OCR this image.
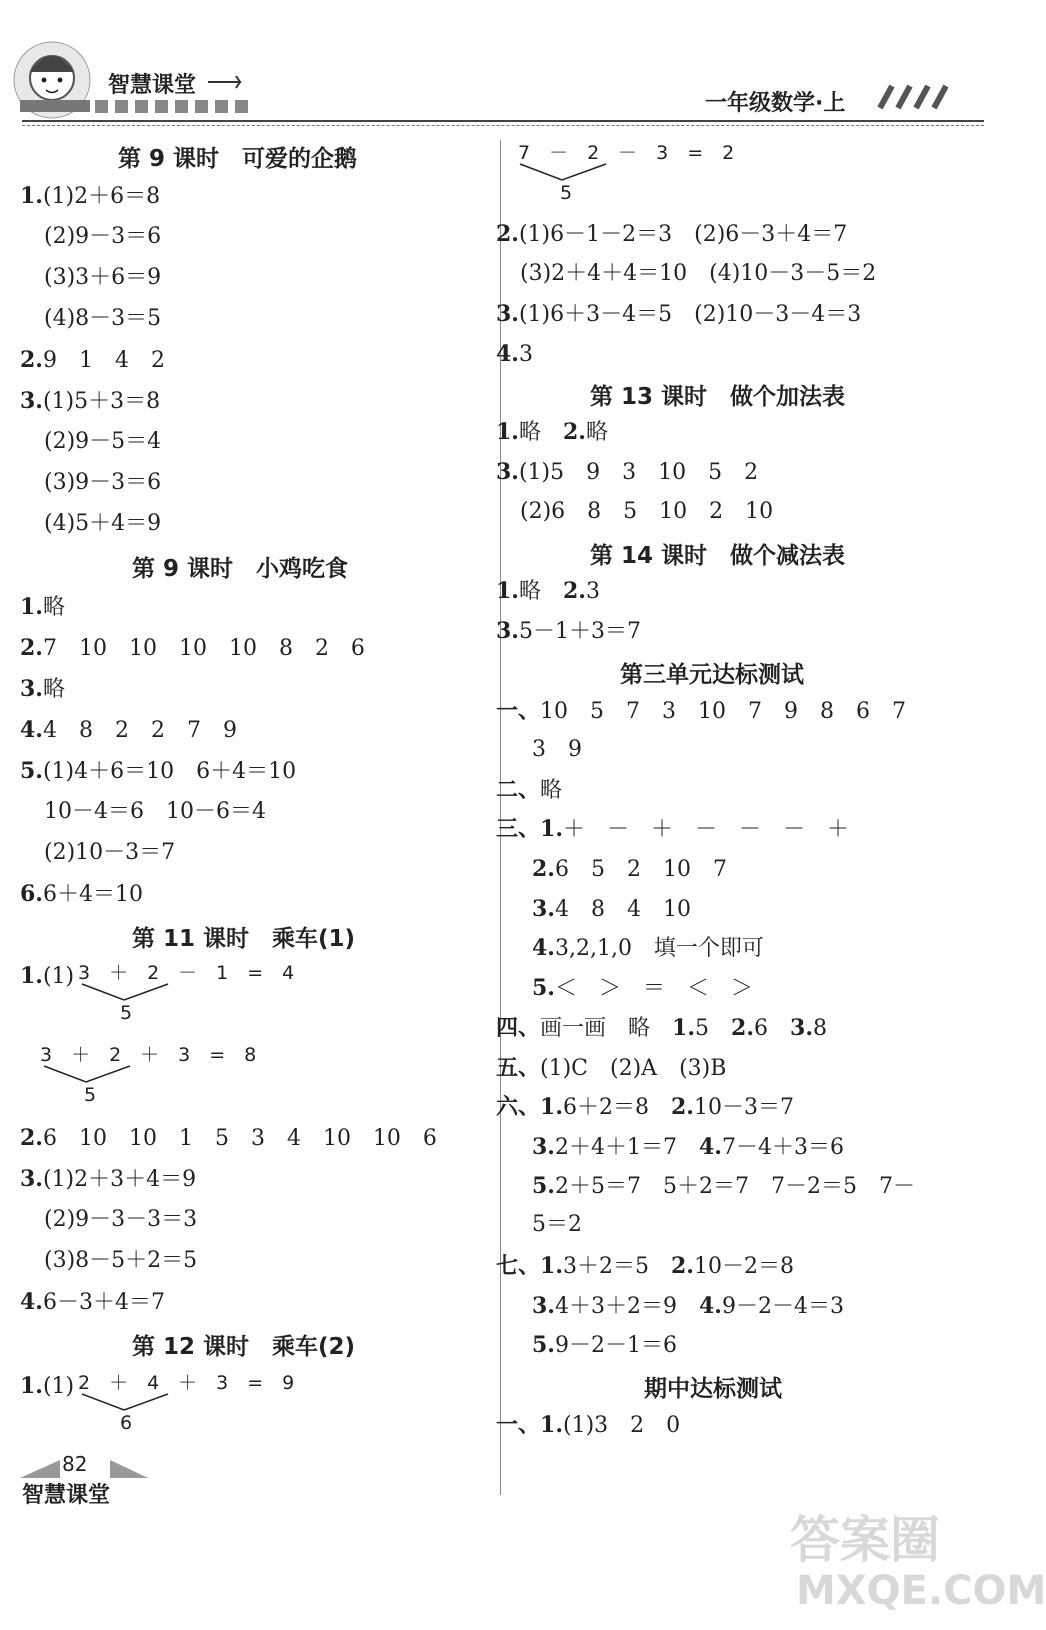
智慧课堂
一年级数学·上
第 9 课时　可爱的企鹅
1.(1)2＋6＝8
(2)9－3＝6
(3)3＋6＝9
(4)8－3＝5
2.9　1　4　2
3.(1)5＋3＝8
(2)9－5＝4
(3)9－3＝6
(4)5＋4＝9
第 9 课时　小鸡吃食
1.略
2.7　10　10　10　10　8　2　6
3.略
4.4　8　2　2　7　9
5.(1)4＋6＝10　6＋4＝10
10－4＝6　10－6＝4
(2)10－3＝7
6.6＋4＝10
第 11 课时　乘车(1)
1.(1) 3　＋　2　－　1　=　4
5
3　＋　2　＋　3　=　8
5
2.6　10　10　1　5　3　4　10　10　6
3.(1)2＋3＋4＝9
(2)9－3－3＝3
(3)8－5＋2＝5
4.6－3＋4＝7
第 12 课时　乘车(2)
1.(1) 2　＋　4　＋　3　=　9
6
7　－　2　－　3　=　2
5
2.(1)6－1－2＝3　(2)6－3＋4＝7
(3)2＋4＋4＝10　(4)10－3－5＝2
3.(1)6＋3－4＝5　(2)10－3－4＝3
4.3
第 13 课时　做个加法表
1.略　 2.略
3.(1)5　9　3　10　5　2
(2)6　8　5　10　2　10
第 14 课时　做个减法表
1.略　 2.3
3.5－1＋3＝7
第三单元达标测试
一、10　5　7　3　10　7　9　8　6　7
3　9
二、略
三、1.＋　－　＋　－　－　－　＋
2.6　5　2　10　7
3.4　8　4　10
4.3,2,1,0　填一个即可
5.＜　＞　＝　＜　＞
四、画一画　略　 1.5　 2.6　 3.8
五、(1)C　(2)A　(3)B
六、1.6＋2＝8　 2.10－3＝7
3.2＋4＋1＝7　 4.7－4＋3＝6
5.2＋5＝7　5＋2＝7　7－2＝5　7－
5＝2
七、1.3＋2＝5　 2.10－2＝8
3.4＋3＋2＝9　 4.9－2－4＝3
5.9－2－1＝6
期中达标测试
一、1.(1)3　2　0
82
智慧课堂
答案圈
MXQE.COM
